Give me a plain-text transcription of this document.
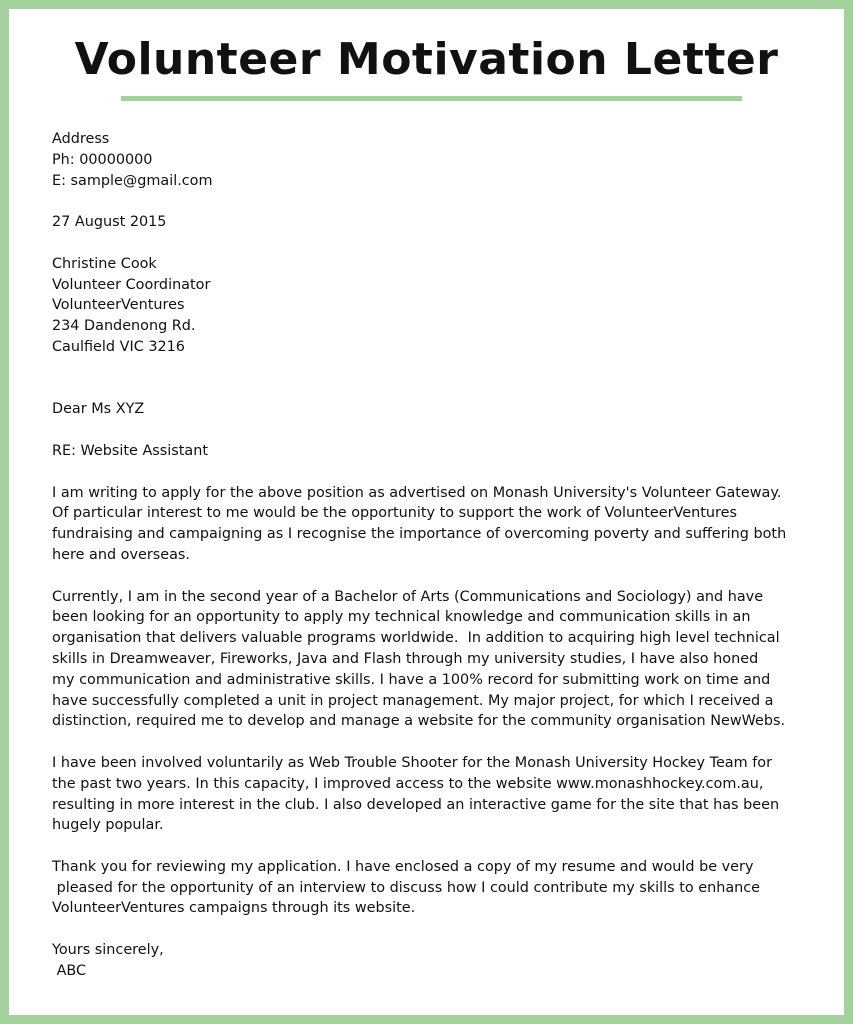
Volunteer Motivation Letter
Address
Ph: 00000000
E: sample@gmail.com
27 August 2015
Christine Cook
Volunteer Coordinator
VolunteerVentures
234 Dandenong Rd.
Caulfield VIC 3216
Dear Ms XYZ
RE: Website Assistant
I am writing to apply for the above position as advertised on Monash University's Volunteer Gateway.
Of particular interest to me would be the opportunity to support the work of VolunteerVentures
fundraising and campaigning as I recognise the importance of overcoming poverty and suffering both
here and overseas.
Currently, I am in the second year of a Bachelor of Arts (Communications and Sociology) and have
been looking for an opportunity to apply my technical knowledge and communication skills in an
organisation that delivers valuable programs worldwide.  In addition to acquiring high level technical
skills in Dreamweaver, Fireworks, Java and Flash through my university studies, I have also honed
my communication and administrative skills. I have a 100% record for submitting work on time and
have successfully completed a unit in project management. My major project, for which I received a
distinction, required me to develop and manage a website for the community organisation NewWebs.
I have been involved voluntarily as Web Trouble Shooter for the Monash University Hockey Team for
the past two years. In this capacity, I improved access to the website www.monashhockey.com.au,
resulting in more interest in the club. I also developed an interactive game for the site that has been
hugely popular.
Thank you for reviewing my application. I have enclosed a copy of my resume and would be very
pleased for the opportunity of an interview to discuss how I could contribute my skills to enhance
VolunteerVentures campaigns through its website.
Yours sincerely,
ABC
